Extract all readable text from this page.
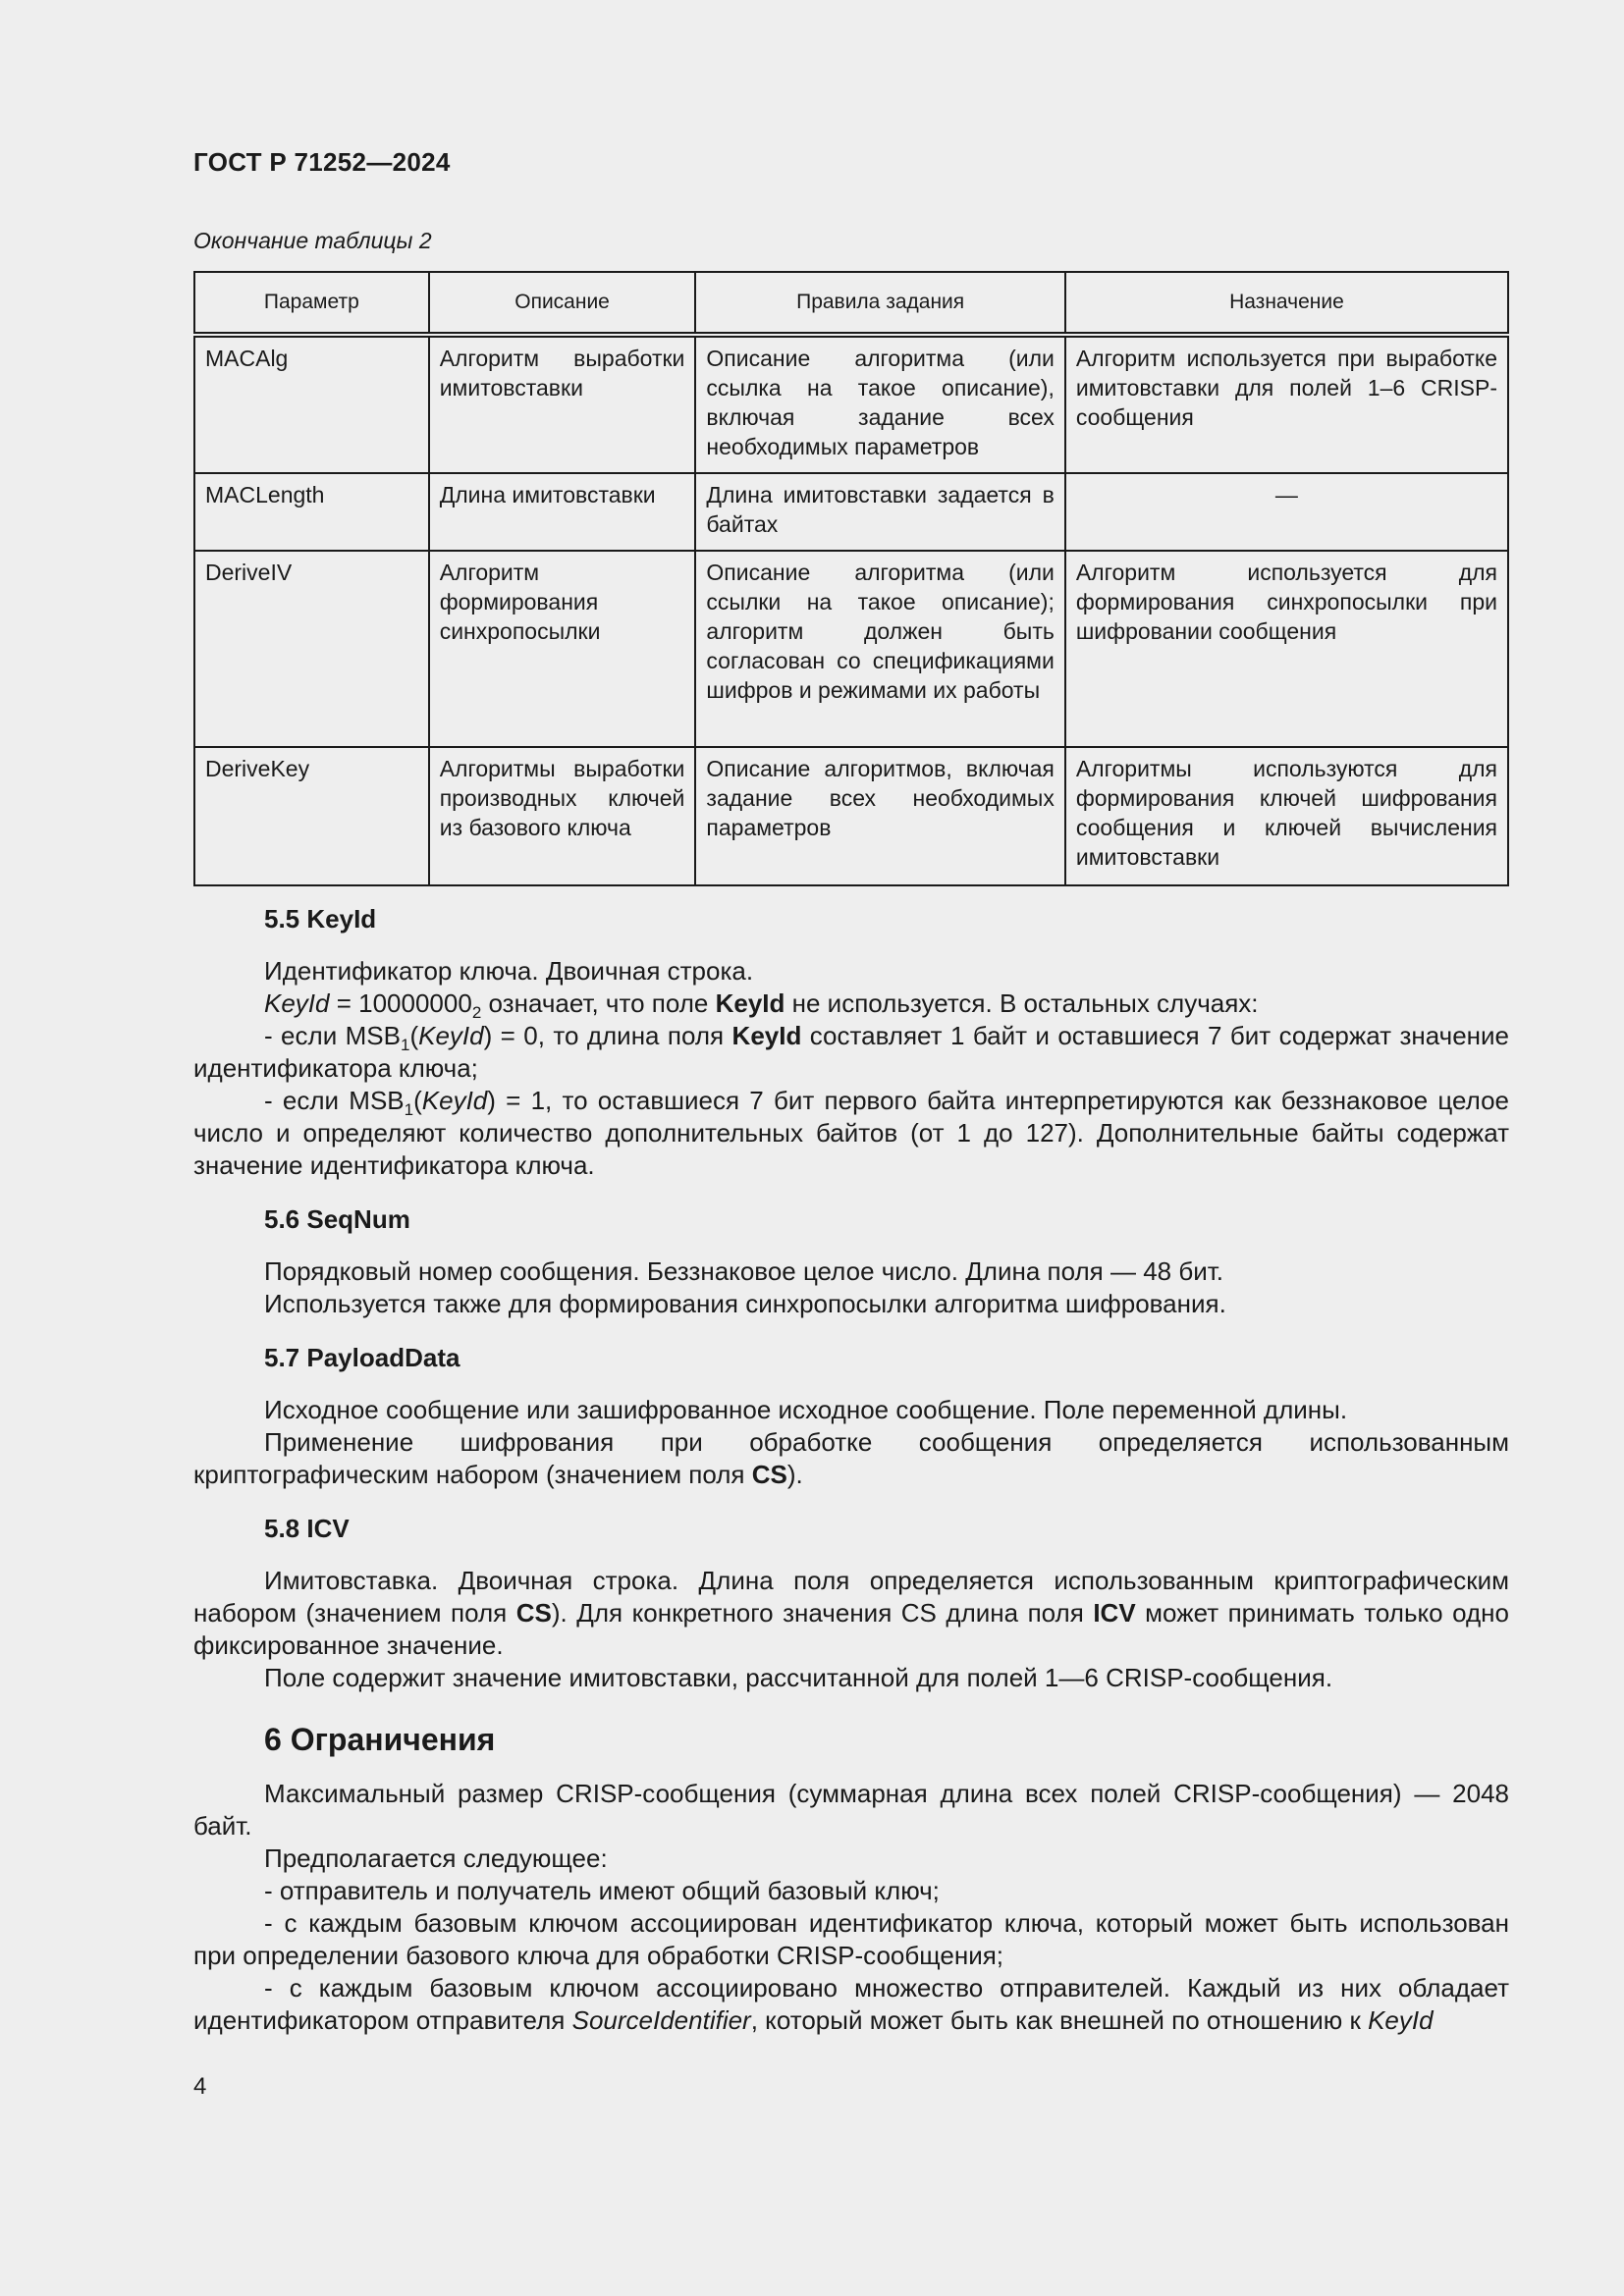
ГОСТ Р 71252—2024
Окончание таблицы 2
Параметр	Описание	Правила задания	Назначение
MACAlg	Алгоритм выработки имитовставки	Описание алгоритма (или ссылка на такое описание), включая задание всех необходимых параметров	Алгоритм используется при выработке имитовставки для полей 1–6 CRISP-сообщения
MACLength	Длина имитовставки	Длина имитовставки задается в байтах	—
DeriveIV	Алгоритм формирования синхропосылки	Описание алгоритма (или ссылки на такое описание); алгоритм должен быть согласован со спецификациями шифров и режимами их работы	Алгоритм используется для формирования синхропосылки при шифровании сообщения
DeriveKey	Алгоритмы выработки производных ключей из базового ключа	Описание алгоритмов, включая задание всех необходимых параметров	Алгоритмы используются для формирования ключей шифрования сообщения и ключей вычисления имитовставки
5.5 KeyId

Идентификатор ключа. Двоичная строка.

KeyId = $10000000_2$ означает, что поле KeyId не используется. В остальных случаях:

- если $MSB_1(KeyId) = 0$, то длина поля KeyId составляет 1 байт и оставшиеся 7 бит содержат значение идентификатора ключа;

- если $MSB_1(KeyId) = 1$, то оставшиеся 7 бит первого байта интерпретируются как беззнаковое целое число и определяют количество дополнительных байтов (от 1 до 127). Дополнительные байты содержат значение идентификатора ключа.

5.6 SeqNum

Порядковый номер сообщения. Беззнаковое целое число. Длина поля — 48 бит.

Используется также для формирования синхропосылки алгоритма шифрования.

5.7 PayloadData

Исходное сообщение или зашифрованное исходное сообщение. Поле переменной длины.

Применение шифрования при обработке сообщения определяется использованным криптографическим набором (значением поля CS).

5.8 ICV

Имитовставка. Двоичная строка. Длина поля определяется использованным криптографическим набором (значением поля CS). Для конкретного значения CS длина поля ICV может принимать только одно фиксированное значение.

Поле содержит значение имитовставки, рассчитанной для полей 1—6 CRISP-сообщения.

6 Ограничения

Максимальный размер CRISP-сообщения (суммарная длина всех полей CRISP-сообщения) — 2048 байт.

Предполагается следующее:

- отправитель и получатель имеют общий базовый ключ;

- с каждым базовым ключом ассоциирован идентификатор ключа, который может быть использован при определении базового ключа для обработки CRISP-сообщения;

- с каждым базовым ключом ассоциировано множество отправителей. Каждый из них обладает идентификатором отправителя SourceIdentifier, который может быть как внешней по отношению к KeyId

4
